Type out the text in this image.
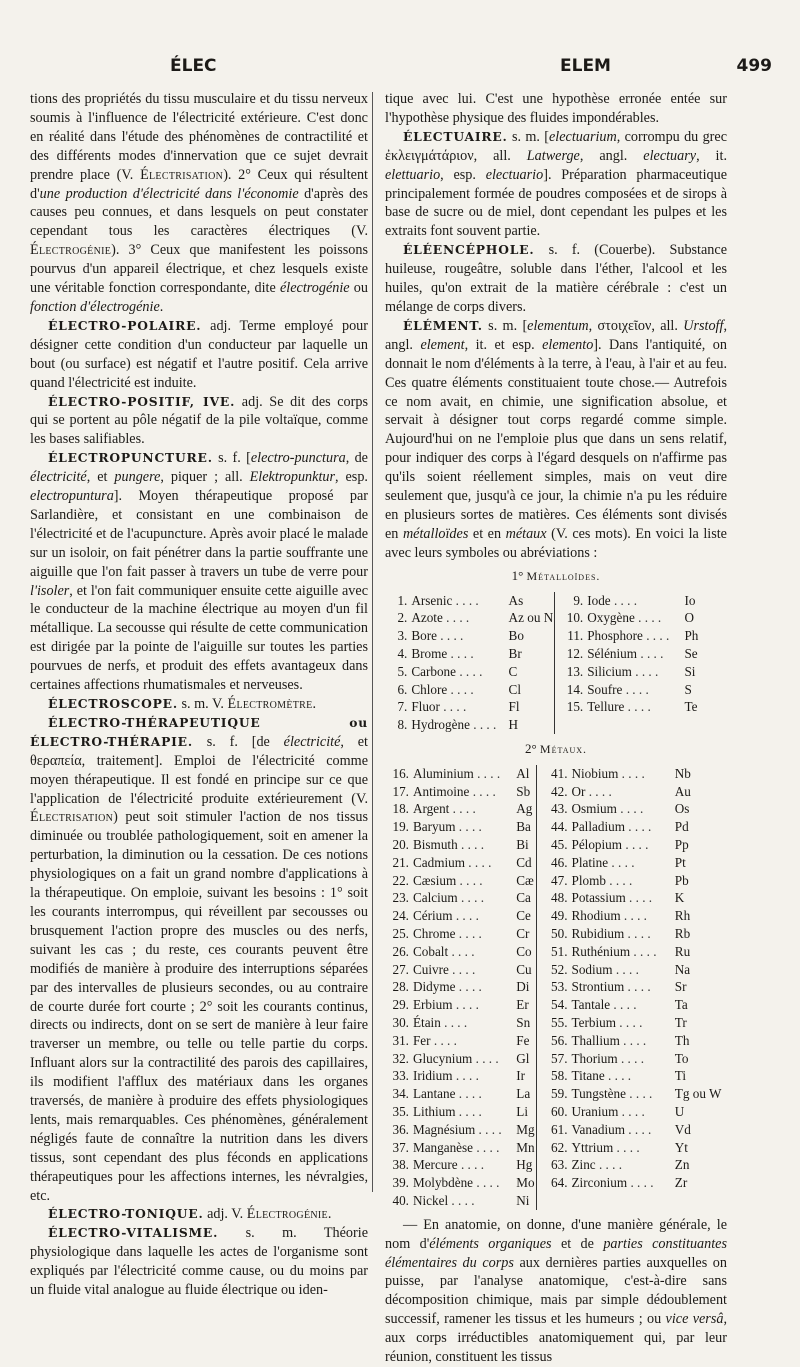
ÉLEC	ELEM	499

tions des propriétés du tissu musculaire et du tissu nerveux soumis à l'influence de l'électricité extérieure. C'est donc en réalité dans l'étude des phénomènes de contractilité et des différents modes d'innervation que ce sujet devrait prendre place (V. Électrisation). 2° Ceux qui résultent d'une production d'électricité dans l'économie d'après des causes peu connues, et dans lesquels on peut constater cependant tous les caractères électriques (V. Électrogénie). 3° Ceux que manifestent les poissons pourvus d'un appareil électrique, et chez lesquels existe une véritable fonction correspondante, dite électrogénie ou fonction d'électrogénie.

ÉLECTRO-POLAIRE. adj. Terme employé pour désigner cette condition d'un conducteur par laquelle un bout (ou surface) est négatif et l'autre positif. Cela arrive quand l'électricité est induite.

ÉLECTRO-POSITIF, IVE. adj. Se dit des corps qui se portent au pôle négatif de la pile voltaïque, comme les bases salifiables.

ÉLECTROPUNCTURE. s. f. [electro-punctura, de électricité, et pungere, piquer ; all. Elektropunktur, esp. electropuntura]. Moyen thérapeutique proposé par Sarlandière, et consistant en une combinaison de l'électricité et de l'acupuncture. Après avoir placé le malade sur un isoloir, on fait pénétrer dans la partie souffrante une aiguille que l'on fait passer à travers un tube de verre pour l'isoler, et l'on fait communiquer ensuite cette aiguille avec le conducteur de la machine électrique au moyen d'un fil métallique. La secousse qui résulte de cette communication est dirigée par la pointe de l'aiguille sur toutes les parties pourvues de nerfs, et produit des effets avantageux dans certaines affections rhumatismales et nerveuses.

ÉLECTROSCOPE. s. m. V. Électromètre.

ÉLECTRO-THÉRAPEUTIQUE ou ÉLECTRO-THÉRAPIE. s. f. [de électricité, et θεραπεία, traitement]. Emploi de l'électricité comme moyen thérapeutique. Il est fondé en principe sur ce que l'application de l'électricité produite extérieurement (V. Électrisation) peut soit stimuler l'action de nos tissus diminuée ou troublée pathologiquement, soit en amener la perturbation, la diminution ou la cessation. De ces notions physiologiques on a fait un grand nombre d'applications à la thérapeutique. On emploie, suivant les besoins : 1° soit les courants interrompus, qui réveillent par secousses ou brusquement l'action propre des muscles ou des nerfs, suivant les cas ; du reste, ces courants peuvent être modifiés de manière à produire des interruptions séparées par des intervalles de plusieurs secondes, ou au contraire de courte durée fort courte ; 2° soit les courants continus, directs ou indirects, dont on se sert de manière à leur faire traverser un membre, ou telle ou telle partie du corps. Influant alors sur la contractilité des parois des capillaires, ils modifient l'afflux des matériaux dans les organes traversés, de manière à produire des effets physiologiques lents, mais remarquables. Ces phénomènes, généralement négligés faute de connaître la nutrition dans les divers tissus, sont cependant des plus féconds en applications thérapeutiques pour les affections internes, les névralgies, etc.

ÉLECTRO-TONIQUE. adj. V. Électrogénie.

ÉLECTRO-VITALISME. s. m. Théorie physiologique dans laquelle les actes de l'organisme sont expliqués par l'électricité comme cause, ou du moins par un fluide vital analogue au fluide électrique ou iden-

tique avec lui. C'est une hypothèse erronée entée sur l'hypothèse physique des fluides impondérables.

ÉLECTUAIRE. s. m. [electuarium, corrompu du grec ἐκλειγμάτάριον, all. Latwerge, angl. electuary, it. elettuario, esp. electuario]. Préparation pharmaceutique principalement formée de poudres composées et de sirops à base de sucre ou de miel, dont cependant les pulpes et les extraits font souvent partie.

ÉLÉENCÉPHOLE. s. f. (Couerbe). Substance huileuse, rougeâtre, soluble dans l'éther, l'alcool et les huiles, qu'on extrait de la matière cérébrale : c'est un mélange de corps divers.

ÉLÉMENT. s. m. [elementum, στοιχεῖον, all. Urstoff, angl. element, it. et esp. elemento]. Dans l'antiquité, on donnait le nom d'éléments à la terre, à l'eau, à l'air et au feu. Ces quatre éléments constituaient toute chose.— Autrefois ce nom avait, en chimie, une signification absolue, et servait à désigner tout corps regardé comme simple. Aujourd'hui on ne l'emploie plus que dans un sens relatif, pour indiquer des corps à l'égard desquels on n'affirme pas qu'ils soient réellement simples, mais on veut dire seulement que, jusqu'à ce jour, la chimie n'a pu les réduire en plusieurs sortes de matières. Ces éléments sont divisés en métalloïdes et en métaux (V. ces mots). En voici la liste avec leurs symboles ou abréviations :

1° Métalloïdes.
1.	Arsenic . . . .	As	9.	Iode . . . .	Io
2.	Azote . . . .	Az ou N	10.	Oxygène . . . .	O
3.	Bore . . . .	Bo	11.	Phosphore . . . .	Ph
4.	Brome . . . .	Br	12.	Sélénium . . . .	Se
5.	Carbone . . . .	C	13.	Silicium . . . .	Si
6.	Chlore . . . .	Cl	14.	Soufre . . . .	S
7.	Fluor . . . .	Fl	15.	Tellure . . . .	Te
8.	Hydrogène . . . .	H			
2° Métaux.
16.	Aluminium . . . .	Al	41.	Niobium . . . .	Nb
17.	Antimoine . . . .	Sb	42.	Or . . . .	Au
18.	Argent . . . .	Ag	43.	Osmium . . . .	Os
19.	Baryum . . . .	Ba	44.	Palladium . . . .	Pd
20.	Bismuth . . . .	Bi	45.	Pélopium . . . .	Pp
21.	Cadmium . . . .	Cd	46.	Platine . . . .	Pt
22.	Cæsium . . . .	Cæ	47.	Plomb . . . .	Pb
23.	Calcium . . . .	Ca	48.	Potassium . . . .	K
24.	Cérium . . . .	Ce	49.	Rhodium . . . .	Rh
25.	Chrome . . . .	Cr	50.	Rubidium . . . .	Rb
26.	Cobalt . . . .	Co	51.	Ruthénium . . . .	Ru
27.	Cuivre . . . .	Cu	52.	Sodium . . . .	Na
28.	Didyme . . . .	Di	53.	Strontium . . . .	Sr
29.	Erbium . . . .	Er	54.	Tantale . . . .	Ta
30.	Étain . . . .	Sn	55.	Terbium . . . .	Tr
31.	Fer . . . .	Fe	56.	Thallium . . . .	Th
32.	Glucynium . . . .	Gl	57.	Thorium . . . .	To
33.	Iridium . . . .	Ir	58.	Titane . . . .	Ti
34.	Lantane . . . .	La	59.	Tungstène . . . .	Tg ou W
35.	Lithium . . . .	Li	60.	Uranium . . . .	U
36.	Magnésium . . . .	Mg	61.	Vanadium . . . .	Vd
37.	Manganèse . . . .	Mn	62.	Yttrium . . . .	Yt
38.	Mercure . . . .	Hg	63.	Zinc . . . .	Zn
39.	Molybdène . . . .	Mo	64.	Zirconium . . . .	Zr
40.	Nickel . . . .	Ni			

— En anatomie, on donne, d'une manière générale, le nom d'éléments organiques et de parties constituantes élémentaires du corps aux dernières parties auxquelles on puisse, par l'analyse anatomique, c'est-à-dire sans décomposition chimique, mais par simple dédoublement successif, ramener les tissus et les humeurs ; ou vice versâ, aux corps irréductibles anatomiquement qui, par leur réunion, constituent les tissus
